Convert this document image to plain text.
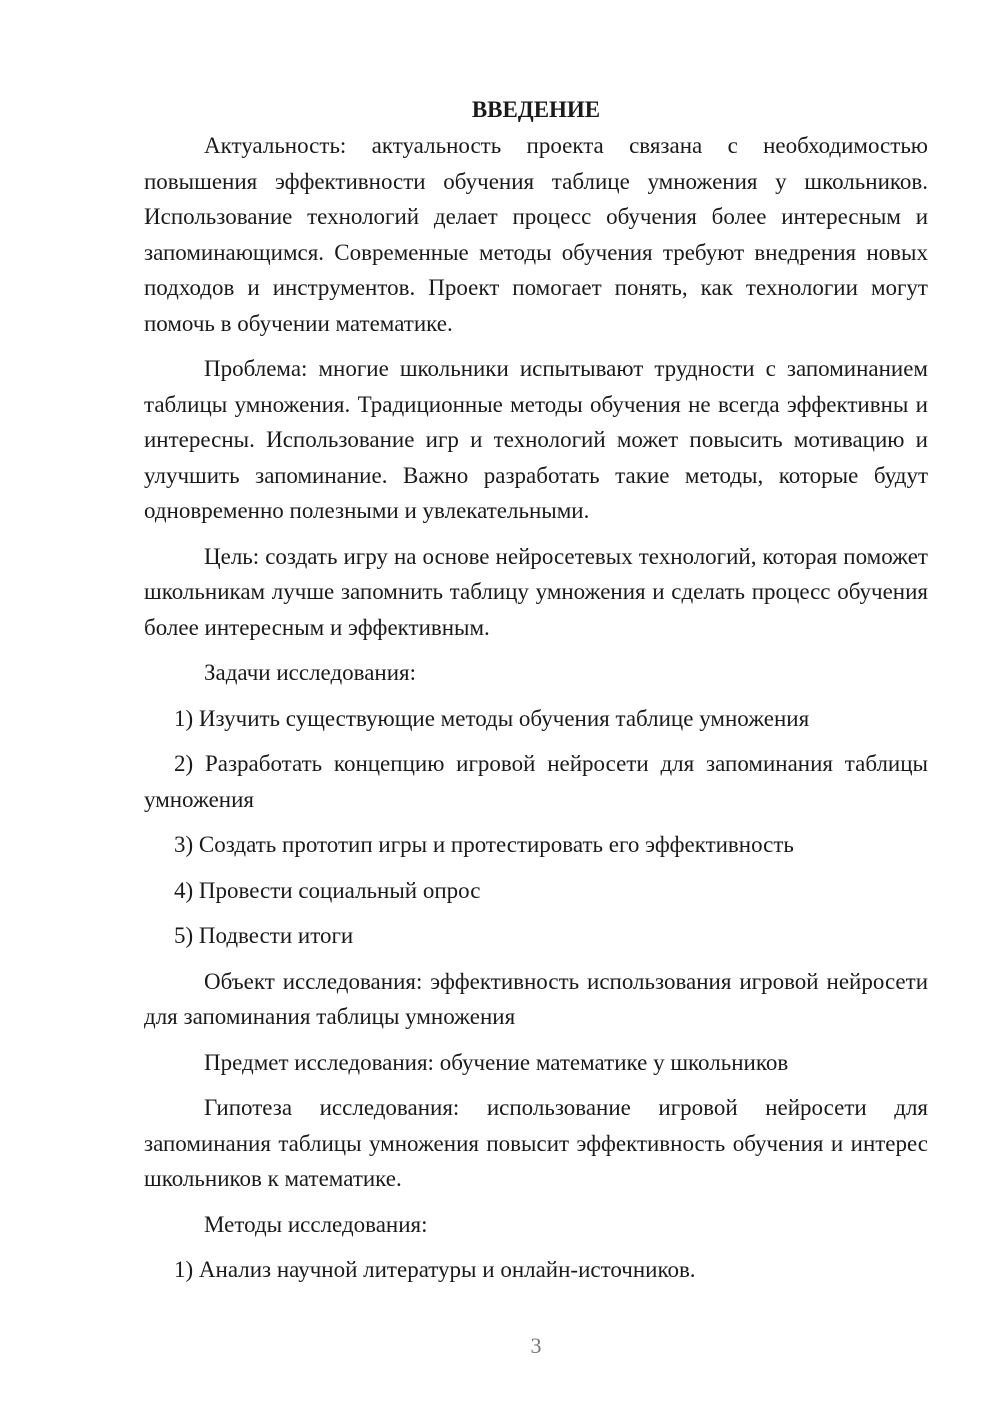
ВВЕДЕНИЕ

Актуальность: актуальность проекта связана с необходимостью повышения эффективности обучения таблице умножения у школьников. Использование технологий делает процесс обучения более интересным и запоминающимся. Современные методы обучения требуют внедрения новых подходов и инструментов. Проект помогает понять, как технологии могут помочь в обучении математике.

Проблема: многие школьники испытывают трудности с запоминанием таблицы умножения. Традиционные методы обучения не всегда эффективны и интересны. Использование игр и технологий может повысить мотивацию и улучшить запоминание. Важно разработать такие методы, которые будут одновременно полезными и увлекательными.

Цель: создать игру на основе нейросетевых технологий, которая поможет школьникам лучше запомнить таблицу умножения и сделать процесс обучения более интересным и эффективным.

Задачи исследования:

1) Изучить существующие методы обучения таблице умножения

2) Разработать концепцию игровой нейросети для запоминания таблицы умножения

3) Создать прототип игры и протестировать его эффективность

4) Провести социальный опрос

5) Подвести итоги

Объект исследования: эффективность использования игровой нейросети для запоминания таблицы умножения

Предмет исследования: обучение математике у школьников

Гипотеза исследования: использование игровой нейросети для запоминания таблицы умножения повысит эффективность обучения и интерес школьников к математике.

Методы исследования:

1) Анализ научной литературы и онлайн-источников.

3
